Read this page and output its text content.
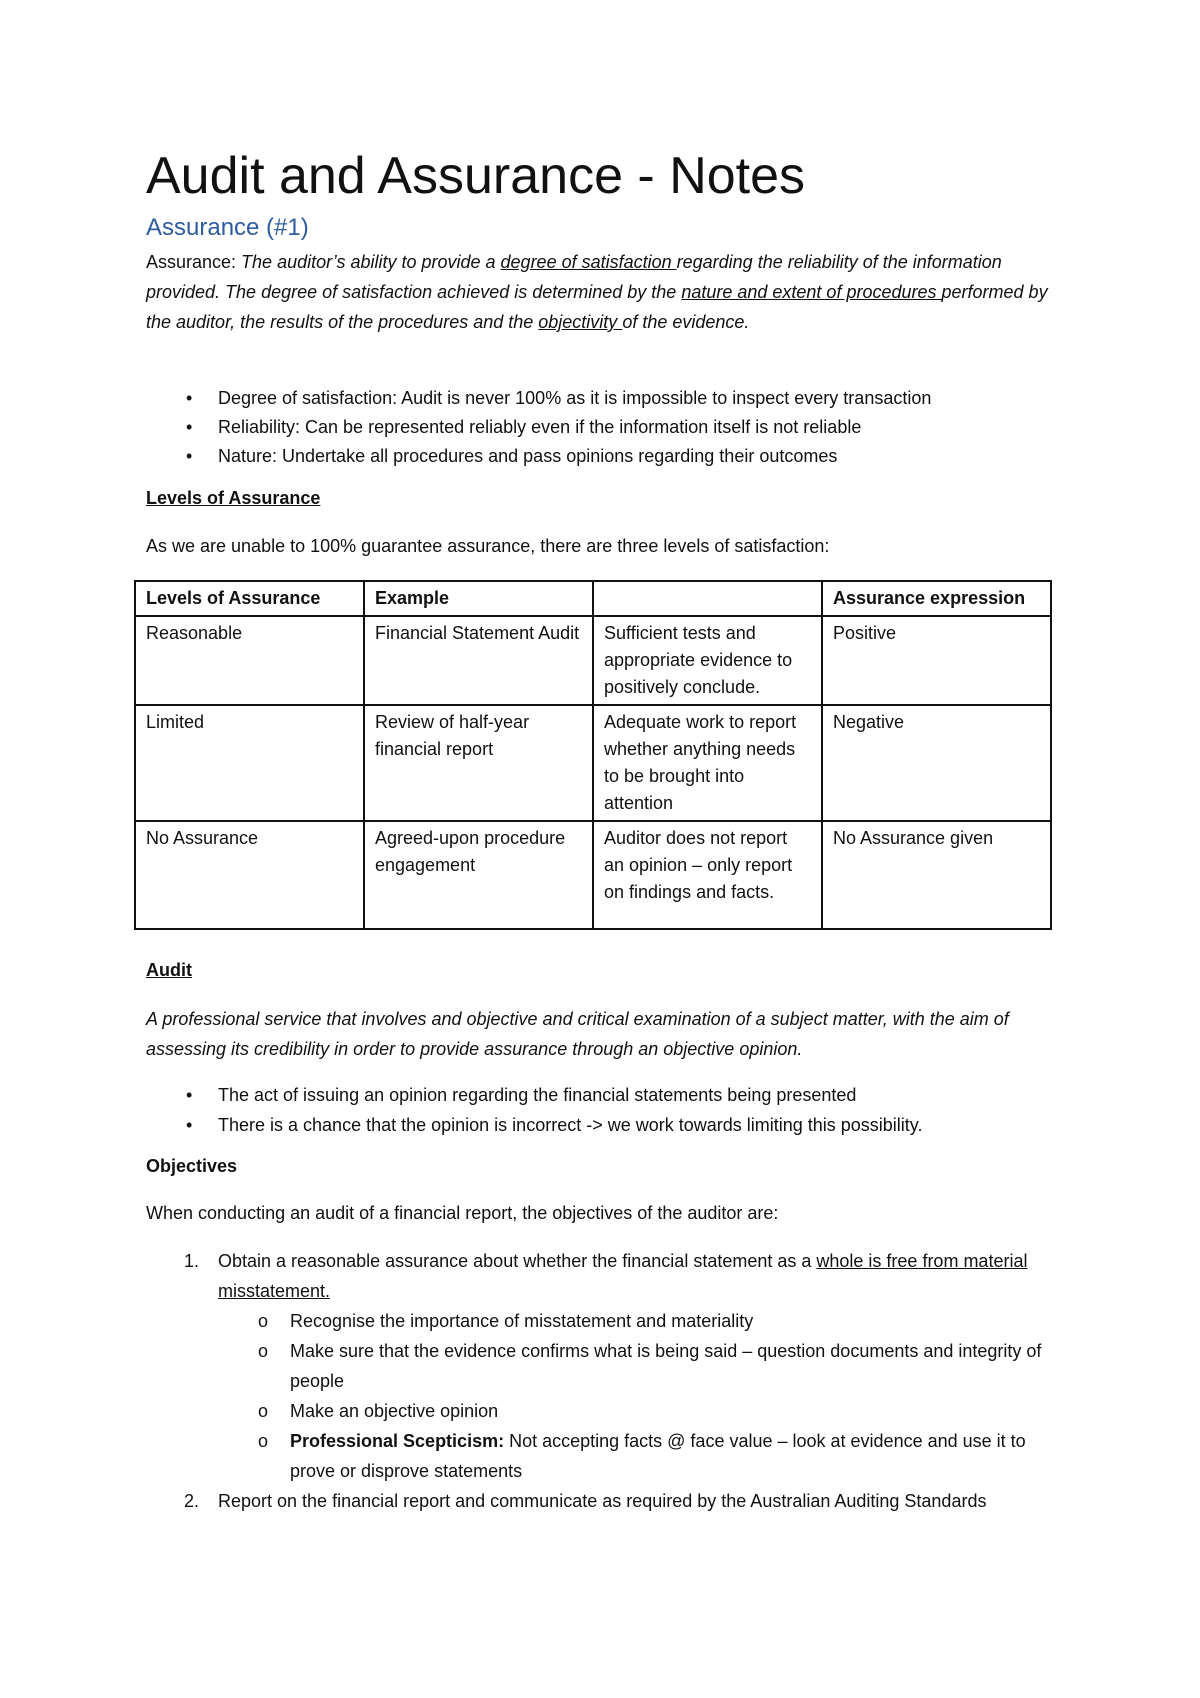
Audit and Assurance - Notes
Assurance (#1)
Assurance: The auditor’s ability to provide a degree of satisfaction regarding the reliability of the information provided. The degree of satisfaction achieved is determined by the nature and extent of procedures performed by the auditor, the results of the procedures and the objectivity of the evidence.
• Degree of satisfaction: Audit is never 100% as it is impossible to inspect every transaction
• Reliability: Can be represented reliably even if the information itself is not reliable
• Nature: Undertake all procedures and pass opinions regarding their outcomes

Levels of Assurance

As we are unable to 100% guarantee assurance, there are three levels of satisfaction:

Levels of Assurance	Example		Assurance expression
Reasonable	Financial Statement Audit	Sufficient tests and appropriate evidence to positively conclude.	Positive
Limited	Review of half-year financial report	Adequate work to report whether anything needs to be brought into attention	Negative
No Assurance	Agreed-upon procedure engagement	Auditor does not report an opinion – only report on findings and facts.	No Assurance given

Audit

A professional service that involves and objective and critical examination of a subject matter, with the aim of assessing its credibility in order to provide assurance through an objective opinion.

• The act of issuing an opinion regarding the financial statements being presented
• There is a chance that the opinion is incorrect -> we work towards limiting this possibility.

Objectives

When conducting an audit of a financial report, the objectives of the auditor are:

1. Obtain a reasonable assurance about whether the financial statement as a whole is free from material misstatement.
o Recognise the importance of misstatement and materiality
o Make sure that the evidence confirms what is being said – question documents and integrity of people
o Make an objective opinion
o Professional Scepticism: Not accepting facts @ face value – look at evidence and use it to prove or disprove statements
2. Report on the financial report and communicate as required by the Australian Auditing Standards
